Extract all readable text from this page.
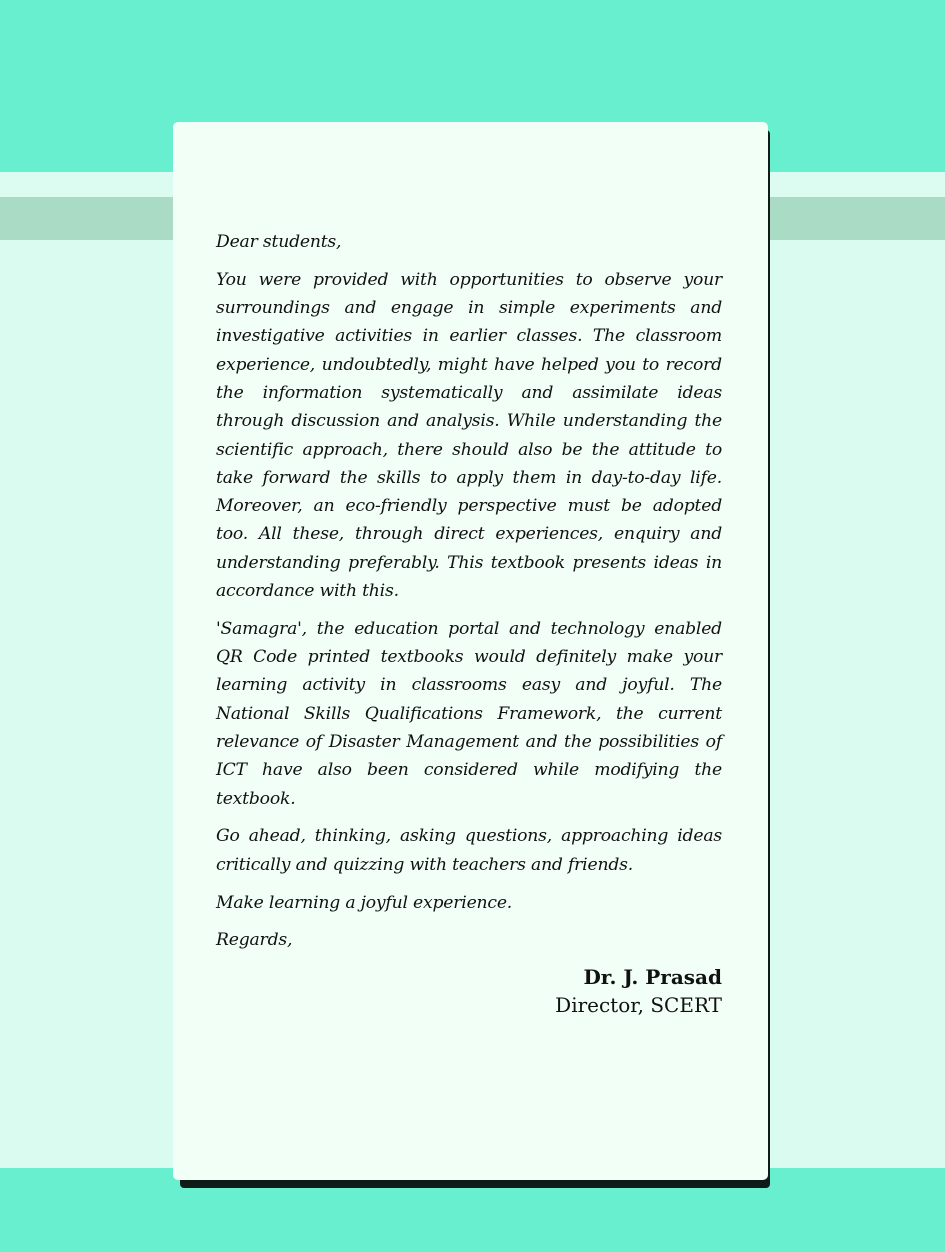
Dear students,

You were provided with opportunities to observe your surroundings and engage in simple experiments and investigative activities in earlier classes. The classroom experience, undoubtedly, might have helped you to record the information systematically and assimilate ideas through discussion and analysis. While understanding the scientific approach, there should also be the attitude to take forward the skills to apply them in day-to-day life. Moreover, an eco-friendly perspective must be adopted too. All these, through direct experiences, enquiry and understanding preferably. This textbook presents ideas in accordance with this.

'Samagra', the education portal and technology enabled QR Code printed textbooks would definitely make your learning activity in classrooms easy and joyful. The National Skills Qualifications Framework, the current relevance of Disaster Management and the possibilities of ICT have also been considered while modifying the textbook.

Go ahead, thinking, asking questions, approaching ideas critically and quizzing with teachers and friends.

Make learning a joyful experience.

Regards,

Dr. J. Prasad
Director, SCERT
